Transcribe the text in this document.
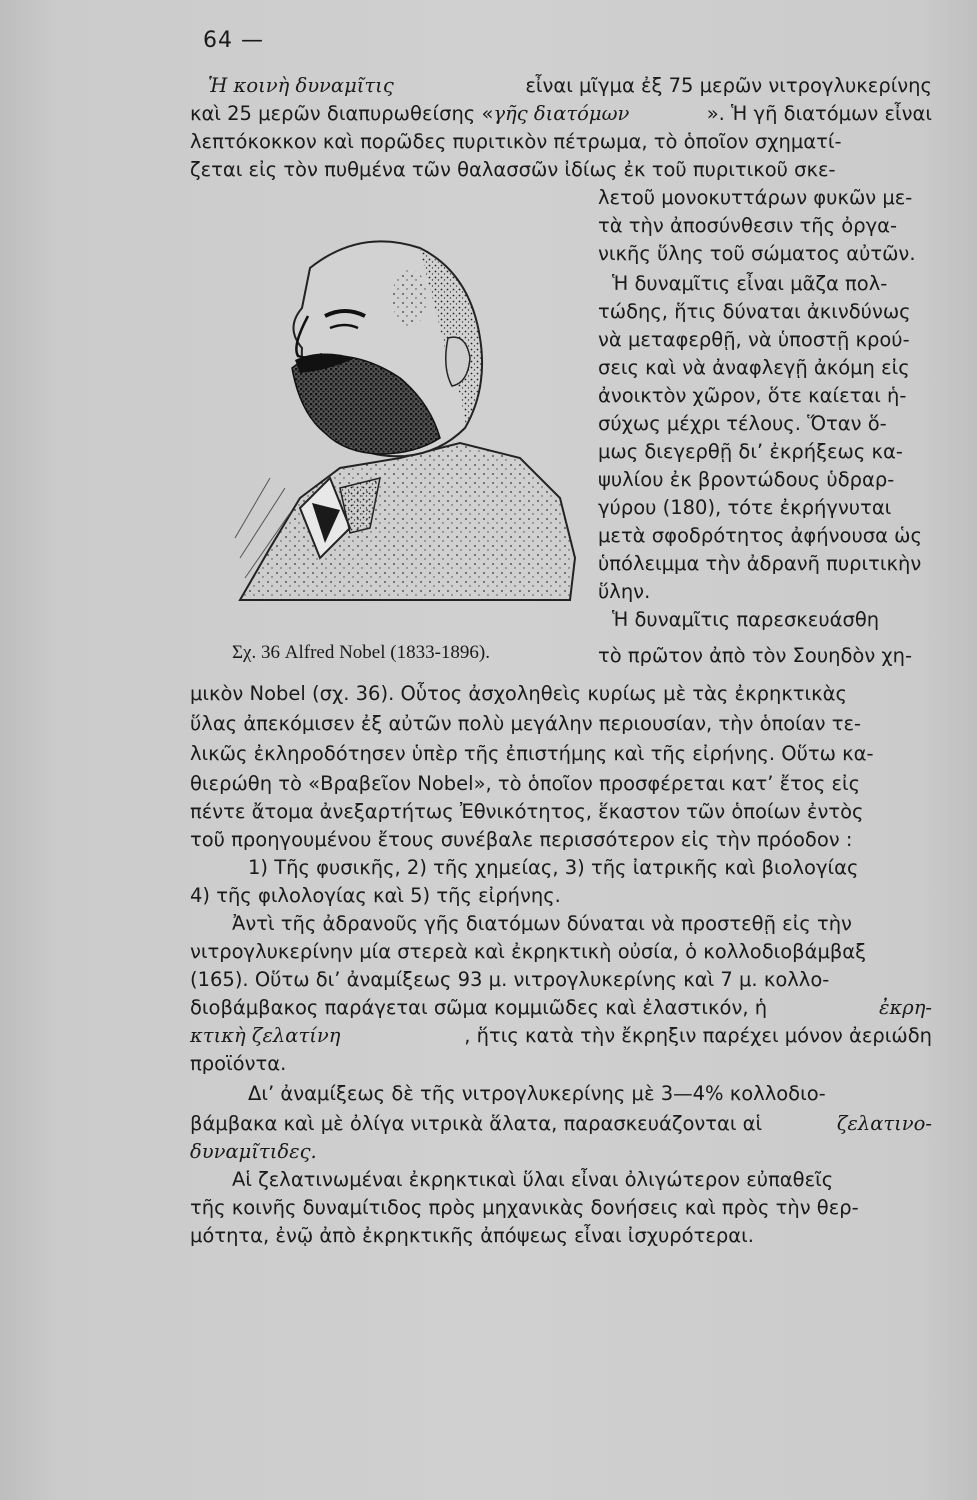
64 —
Ἡ κοινὴ δυναμῖτις	εἶναι μῖγμα ἐξ 75 μερῶν νιτρογλυκερίνης
καὶ 25 μερῶν διαπυρωθείσης « γῆς διατόμων	». Ἡ γῆ διατόμων εἶναι
λεπτόκοκκον καὶ πορῶδες πυριτικὸν πέτρωμα, τὸ ὁποῖον σχηματί-
ζεται εἰς τὸν πυθμένα τῶν θαλασσῶν ἰδίως ἐκ τοῦ πυριτικοῦ σκε-
λετοῦ μονοκυττάρων φυκῶν με-
τὰ τὴν ἀποσύνθεσιν τῆς ὀργα-
νικῆς ὕλης τοῦ σώματος αὐτῶν.
Ἡ δυναμῖτις εἶναι μᾶζα πολ-
τώδης, ἥτις δύναται ἀκινδύνως
νὰ μεταφερθῇ, νὰ ὑποστῇ κρού-
σεις καὶ νὰ ἀναφλεγῇ ἀκόμη εἰς
ἀνοικτὸν χῶρον, ὅτε καίεται ἡ-
σύχως μέχρι τέλους. Ὅταν ὅ-
μως διεγερθῇ δι’ ἐκρήξεως κα-
ψυλίου ἐκ βροντώδους ὑδραρ-
γύρου (180), τότε ἐκρήγνυται
μετὰ σφοδρότητος ἀφήνουσα ὡς
ὑπόλειμμα τὴν ἀδρανῆ πυριτικὴν
ὕλην.
Ἡ δυναμῖτις παρεσκευάσθη
τὸ πρῶτον ἀπὸ τὸν Σουηδὸν χη-
Σχ. 36 Alfred Nobel (1833-1896).
μικὸν Nobel (σχ. 36). Οὗτος ἀσχοληθεὶς κυρίως μὲ τὰς ἐκρηκτικὰς
ὕλας ἀπεκόμισεν ἐξ αὐτῶν πολὺ μεγάλην περιουσίαν, τὴν ὁποίαν τε-
λικῶς ἐκληροδότησεν ὑπὲρ τῆς ἐπιστήμης καὶ τῆς εἰρήνης. Οὕτω κα-
θιερώθη τὸ «Βραβεῖον Nobel», τὸ ὁποῖον προσφέρεται κατ’ ἔτος εἰς
πέντε ἄτομα ἀνεξαρτήτως Ἐθνικότητος, ἕκαστον τῶν ὁποίων ἐντὸς
τοῦ προηγουμένου ἔτους συνέβαλε περισσότερον εἰς τὴν πρόοδον :
1) Τῆς φυσικῆς, 2) τῆς χημείας, 3) τῆς ἰατρικῆς καὶ βιολογίας
4) τῆς φιλολογίας καὶ 5) τῆς εἰρήνης.
Ἀντὶ τῆς ἀδρανοῦς γῆς διατόμων δύναται νὰ προστεθῇ εἰς τὴν
νιτρογλυκερίνην μία στερεὰ καὶ ἐκρηκτικὴ οὐσία, ὁ κολλοδιοβάμβαξ
(165). Οὕτω δι’ ἀναμίξεως 93 μ. νιτρογλυκερίνης καὶ 7 μ. κολλο-
διοβάμβακος παράγεται σῶμα κομμιῶδες καὶ ἐλαστικόν, ἡ	ἐκρη-
κτικὴ ζελατίνη	, ἥτις κατὰ τὴν ἔκρηξιν παρέχει μόνον ἀεριώδη
προϊόντα.
Δι’ ἀναμίξεως δὲ τῆς νιτρογλυκερίνης μὲ 3—4% κολλοδιο-
βάμβακα καὶ μὲ ὀλίγα νιτρικὰ ἅλατα, παρασκευάζονται αἱ	ζελατινο-
δυναμῖτιδες.
Αἱ ζελατινωμέναι ἐκρηκτικαὶ ὕλαι εἶναι ὀλιγώτερον εὐπαθεῖς
τῆς κοινῆς δυναμίτιδος πρὸς μηχανικὰς δονήσεις καὶ πρὸς τὴν θερ-
μότητα, ἐνῷ ἀπὸ ἐκρηκτικῆς ἀπόψεως εἶναι ἰσχυρότεραι.
